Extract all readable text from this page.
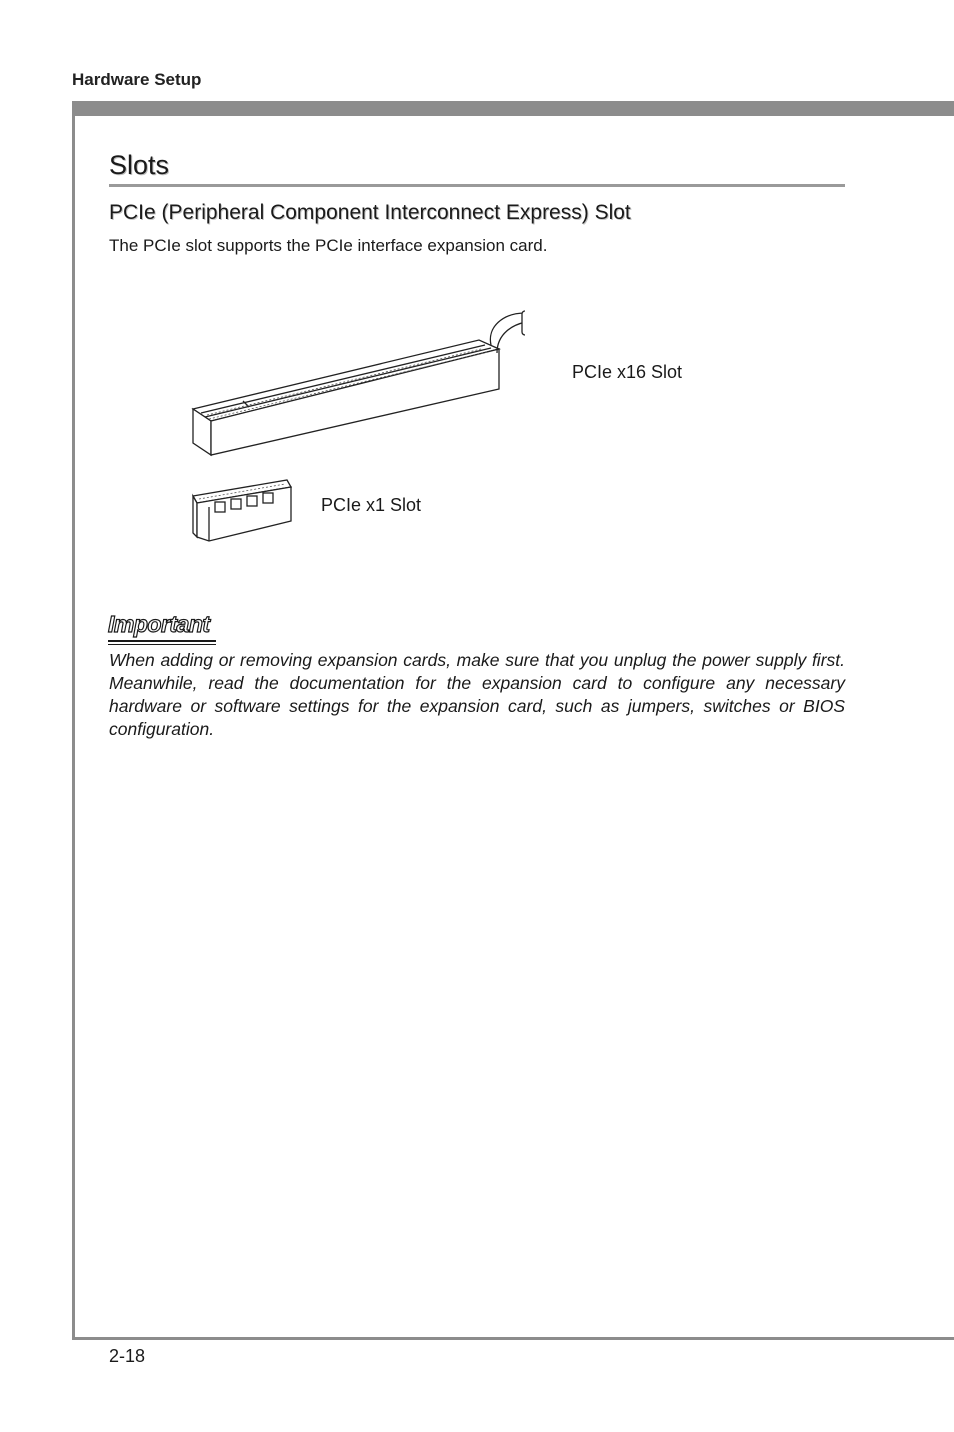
Hardware Setup
Slots
PCIe (Peripheral Component Interconnect Express) Slot

The PCIe slot supports the PCIe interface expansion card.

PCIe x16 Slot
PCIe x1 Slot
Important

When adding or removing expansion cards, make sure that you unplug the power supply first. Meanwhile, read the documentation for the expansion card to configure any necessary hardware or software settings for the expansion card, such as jumpers, switches or BIOS configuration.

2-18
